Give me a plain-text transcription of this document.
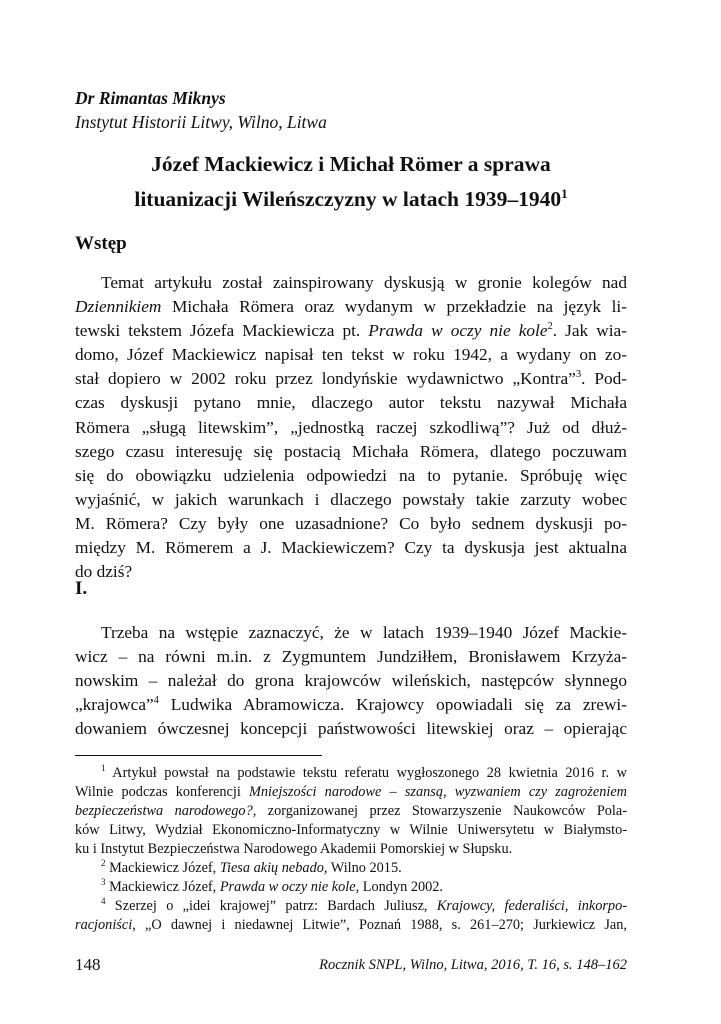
Dr Rimantas Miknys
Instytut Historii Litwy, Wilno, Litwa
Józef Mackiewicz i Michał Römer a sprawa
lituanizacji Wileńszczyzny w latach 1939–1940$^1$
Wstęp
Temat artykułu został zainspirowany dyskusją w gronie kolegów nad
Dziennikiem Michała Römera oraz wydanym w przekładzie na język li-
tewski tekstem Józefa Mackiewicza pt. Prawda w oczy nie kole$^2$. Jak wia-
domo, Józef Mackiewicz napisał ten tekst w roku 1942, a wydany on zo-
stał dopiero w 2002 roku przez londyńskie wydawnictwo „Kontra”$^3$. Pod-
czas dyskusji pytano mnie, dlaczego autor tekstu nazywał Michała
Römera „sługą litewskim”, „jednostką raczej szkodliwą”? Już od dłuż-
szego czasu interesuję się postacią Michała Römera, dlatego poczuwam
się do obowiązku udzielenia odpowiedzi na to pytanie. Spróbuję więc
wyjaśnić, w jakich warunkach i dlaczego powstały takie zarzuty wobec
M. Römera? Czy były one uzasadnione? Co było sednem dyskusji po-
między M. Römerem a J. Mackiewiczem? Czy ta dyskusja jest aktualna
do dziś?
I.
Trzeba na wstępie zaznaczyć, że w latach 1939–1940 Józef Mackie-
wicz – na równi m.in. z Zygmuntem Jundziłłem, Bronisławem Krzyża-
nowskim – należał do grona krajowców wileńskich, następców słynnego
„krajowca”$^4$ Ludwika Abramowicza. Krajowcy opowiadali się za zrewi-
dowaniem ówczesnej koncepcji państwowości litewskiej oraz – opierając
$^1$ Artykuł powstał na podstawie tekstu referatu wygłoszonego 28 kwietnia 2016 r. w
Wilnie podczas konferencji Mniejszości narodowe – szansą, wyzwaniem czy zagrożeniem
bezpieczeństwa narodowego?, zorganizowanej przez Stowarzyszenie Naukowców Pola-
ków Litwy, Wydział Ekonomiczno-Informatyczny w Wilnie Uniwersytetu w Białymsto-
ku i Instytut Bezpieczeństwa Narodowego Akademii Pomorskiej w Słupsku.
$^2$ Mackiewicz Józef, Tiesa akių nebado, Wilno 2015.
$^3$ Mackiewicz Józef, Prawda w oczy nie kole, Londyn 2002.
$^4$ Szerzej o „idei krajowej” patrz: Bardach Juliusz, Krajowcy, federaliści, inkorpo-
racjoniści, „O dawnej i niedawnej Litwie”, Poznań 1988, s. 261–270; Jurkiewicz Jan,
148	Rocznik SNPL, Wilno, Litwa, 2016, T. 16, s. 148–162
